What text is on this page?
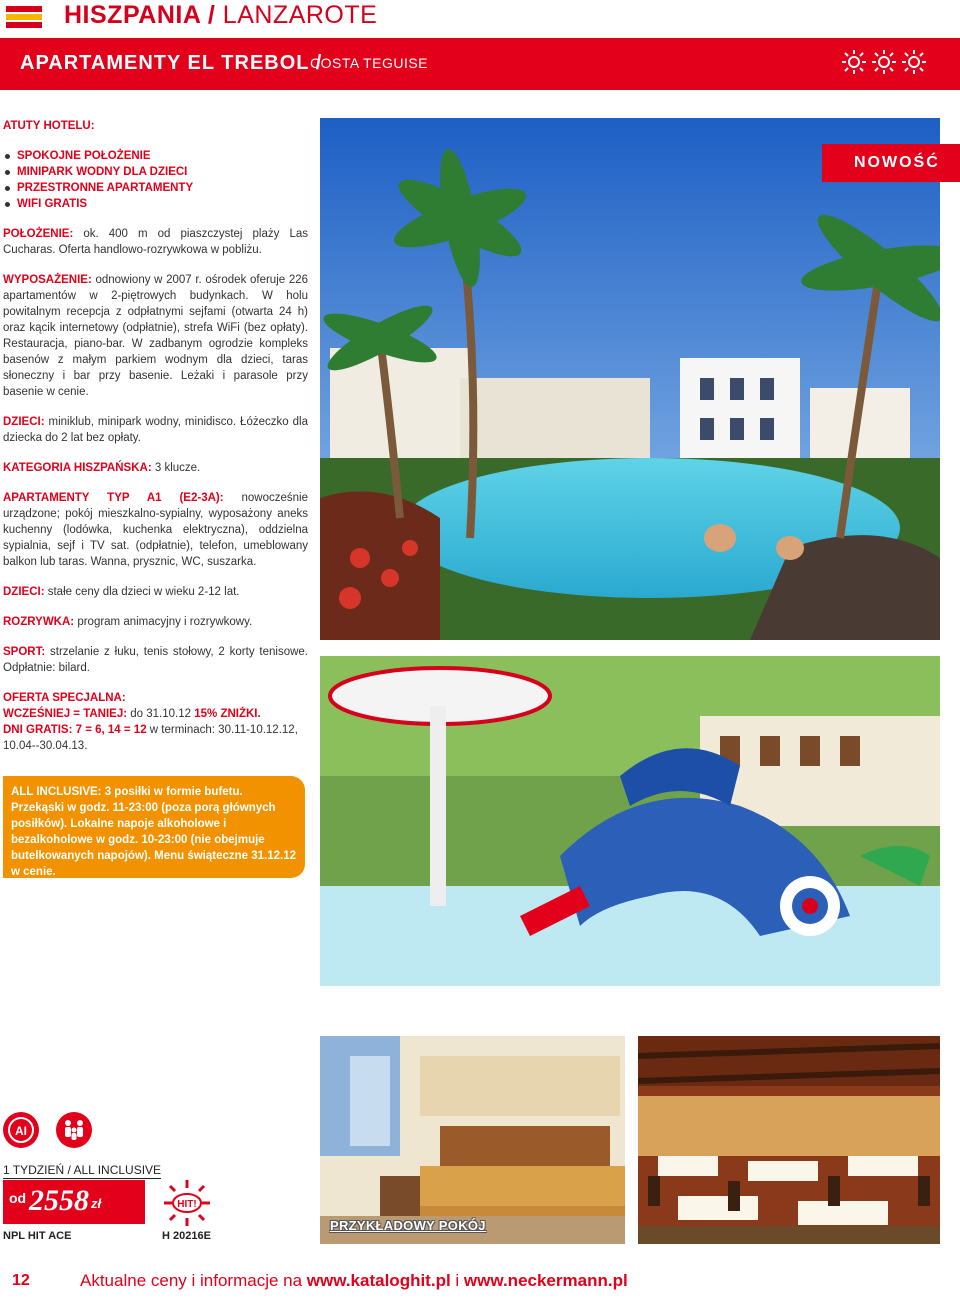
HISZPANIA / LANZAROTE
APARTAMENTY EL TREBOL /
COSTA TEGUISE
ATUTY HOTELU:
SPOKOJNE POŁOŻENIE
MINIPARK WODNY DLA DZIECI
PRZESTRONNE APARTAMENTY
WIFI GRATIS

POŁOŻENIE: ok. 400 m od piaszczystej plaży Las Cucharas. Oferta handlowo-rozrywkowa w pobliżu.

WYPOSAŻENIE: odnowiony w 2007 r. ośrodek oferuje 226 apartamentów w 2-piętrowych budynkach. W holu powitalnym recepcja z odpłatnymi sejfami (otwarta 24 h) oraz kącik internetowy (odpłatnie), strefa WiFi (bez opłaty). Restauracja, piano-bar. W zadbanym ogrodzie kompleks basenów z małym parkiem wodnym dla dzieci, taras słoneczny i bar przy basenie. Leżaki i parasole przy basenie w cenie.

DZIECI: miniklub, minipark wodny, minidisco. Łóżeczko dla dziecka do 2 lat bez opłaty.

KATEGORIA HISZPAŃSKA: 3 klucze.

APARTAMENTY TYP A1 (E2-3A): nowocześnie urządzone; pokój mieszkalno-sypialny, wyposażony aneks kuchenny (lodówka, kuchenka elektryczna), oddzielna sypialnia, sejf i TV sat. (odpłatnie), telefon, umeblowany balkon lub taras. Wanna, prysznic, WC, suszarka.

DZIECI: stałe ceny dla dzieci w wieku 2-12 lat.

ROZRYWKA: program animacyjny i rozrywkowy.

SPORT: strzelanie z łuku, tenis stołowy, 2 korty tenisowe. Odpłatnie: bilard.

OFERTA SPECJALNA:
WCZEŚNIEJ = TANIEJ: do 31.10.12 15% ZNIŻKI.
DNI GRATIS: 7 = 6, 14 = 12 w terminach: 30.11-10.12.12, 10.04--30.04.13.
ALL INCLUSIVE: 3 posiłki w formie bufetu. Przekąski w godz. 11-23:00 (poza porą głównych posiłków). Lokalne napoje alkoholowe i bezalkoholowe w godz. 10-23:00 (nie obejmuje butelkowanych napojów). Menu świąteczne 31.12.12 w cenie.
NOWOŚĆ
AI
1 TYDZIEŃ / ALL INCLUSIVE
od 2558 zł	HIT!
NPL HIT ACE	H 20216E
PRZYKŁADOWY POKÓJ
12	Aktualne ceny i informacje na www.kataloghit.pl i www.neckermann.pl
